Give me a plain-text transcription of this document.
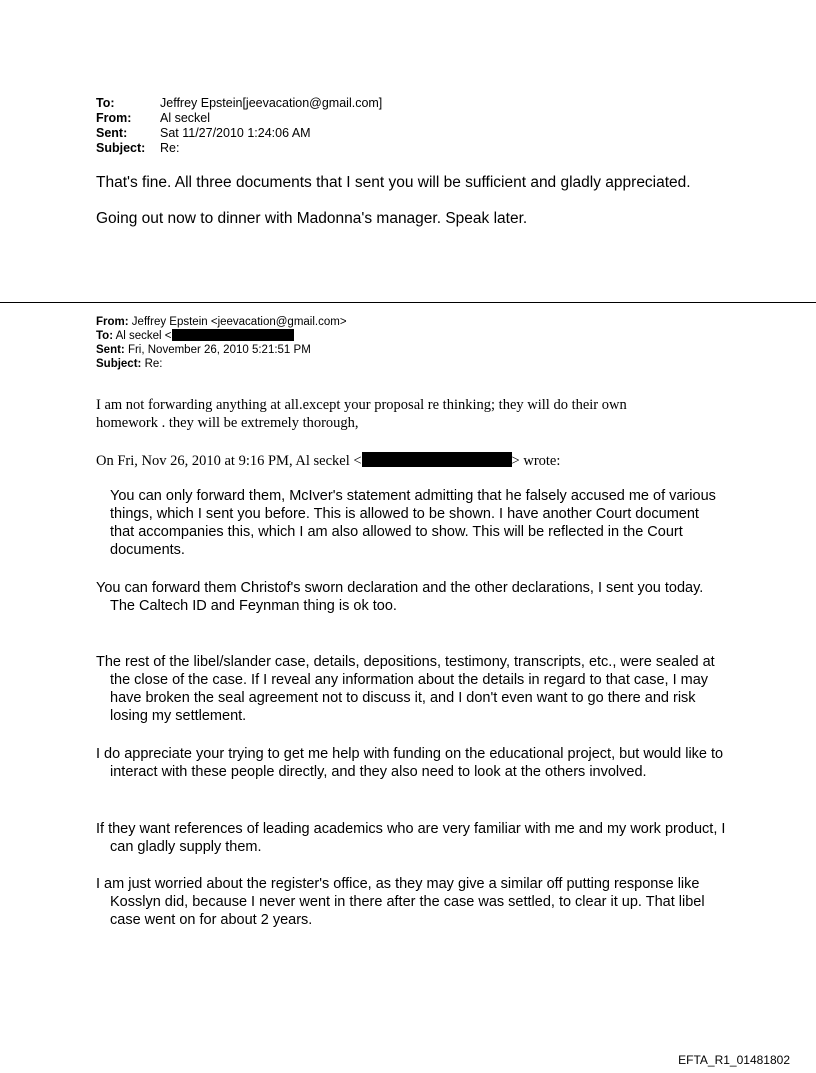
To:	Jeffrey Epstein[jeevacation@gmail.com]
From:	Al seckel
Sent:	Sat 11/27/2010 1:24:06 AM
Subject:	Re:
That's fine. All three documents that I sent you will be sufficient and gladly appreciated.
Going out now to dinner with Madonna's manager. Speak later.
From: Jeffrey Epstein <jeevacation@gmail.com>
To: Al seckel <
Sent: Fri, November 26, 2010 5:21:51 PM
Subject: Re:
I am not forwarding anything at all.except your proposal re thinking; they will do their own
homework . they will be extremely thorough,
On Fri, Nov 26, 2010 at 9:16 PM, Al seckel <	> wrote:
You can only forward them, McIver's statement admitting that he falsely accused me of various things, which I sent you before. This is allowed to be shown. I have another Court document that accompanies this, which I am also allowed to show. This will be reflected in the Court documents.
You can forward them Christof's sworn declaration and the other declarations, I sent you today. The Caltech ID and Feynman thing is ok too.
The rest of the libel/slander case, details, depositions, testimony, transcripts, etc., were sealed at the close of the case. If I reveal any information about the details in regard to that case, I may have broken the seal agreement not to discuss it, and I don't even want to go there and risk losing my settlement.
I do appreciate your trying to get me help with funding on the educational project, but would like to interact with these people directly, and they also need to look at the others involved.
If they want references of leading academics who are very familiar with me and my work product, I can gladly supply them.
I am just worried about the register's office, as they may give a similar off putting response like Kosslyn did, because I never went in there after the case was settled, to clear it up. That libel case went on for about 2 years.
EFTA_R1_01481802
